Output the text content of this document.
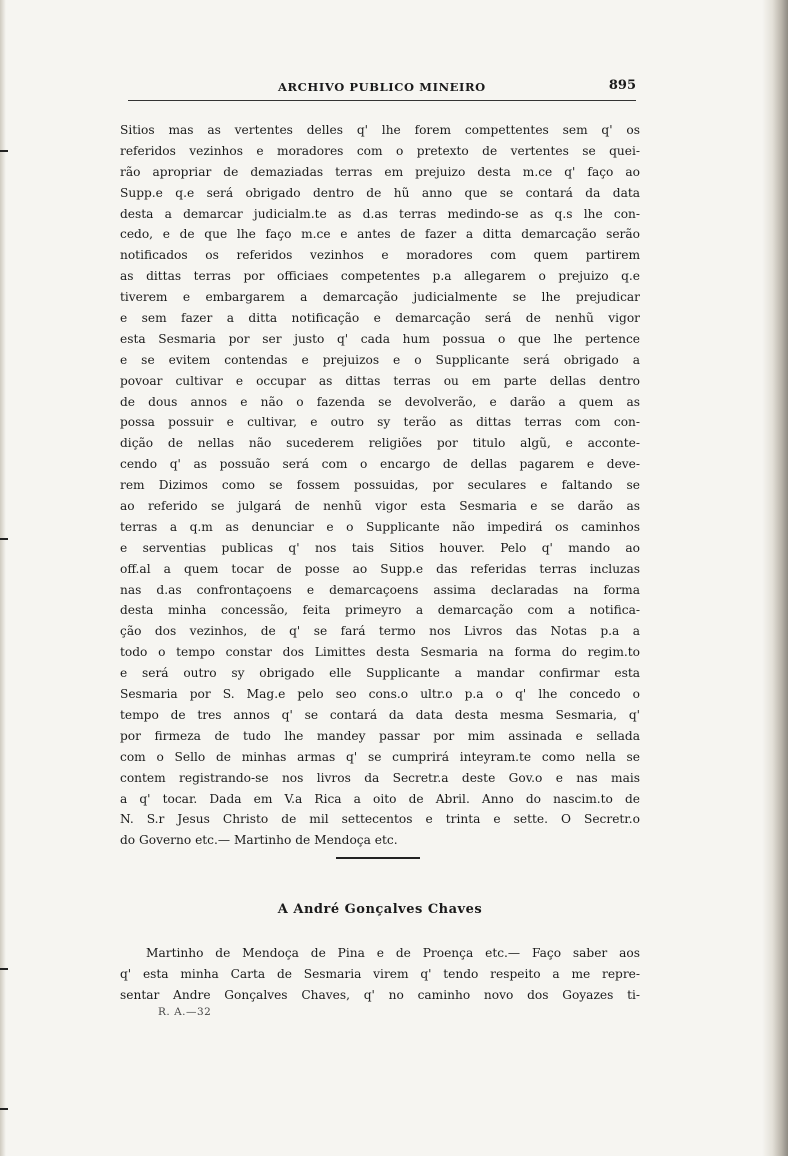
ARCHIVO PUBLICO MINEIRO	895
Sitios mas as vertentes delles q' lhe forem compettentes sem q' os
referidos vezinhos e moradores com o pretexto de vertentes se quei-
rão apropriar de demaziadas terras em prejuizo desta m.ce q' faço ao
Supp.e q.e será obrigado dentro de hũ anno que se contará da data
desta a demarcar judicialm.te as d.as terras medindo-se as q.s lhe con-
cedo, e de que lhe faço m.ce e antes de fazer a ditta demarcação serão
notificados os referidos vezinhos e moradores com quem partirem
as dittas terras por officiaes competentes p.a allegarem o prejuizo q.e
tiverem e embargarem a demarcação judicialmente se lhe prejudicar
e sem fazer a ditta notificação e demarcação será de nenhũ vigor
esta Sesmaria por ser justo q' cada hum possua o que lhe pertence
e se evitem contendas e prejuizos e o Supplicante será obrigado a
povoar cultivar e occupar as dittas terras ou em parte dellas dentro
de dous annos e não o fazenda se devolverão, e darão a quem as
possa possuir e cultivar, e outro sy terão as dittas terras com con-
dição de nellas não sucederem religiões por titulo algũ, e acconte-
cendo q' as possuão será com o encargo de dellas pagarem e deve-
rem Dizimos como se fossem possuidas, por seculares e faltando se
ao referido se julgará de nenhũ vigor esta Sesmaria e se darão as
terras a q.m as denunciar e o Supplicante não impedirá os caminhos
e serventias publicas q' nos tais Sitios houver. Pelo q' mando ao
off.al a quem tocar de posse ao Supp.e das referidas terras incluzas
nas d.as confrontaçoens e demarcaçoens assima declaradas na forma
desta minha concessão, feita primeyro a demarcação com a notifica-
ção dos vezinhos, de q' se fará termo nos Livros das Notas p.a a
todo o tempo constar dos Limittes desta Sesmaria na forma do regim.to
e será outro sy obrigado elle Supplicante a mandar confirmar esta
Sesmaria por S. Mag.e pelo seo cons.o ultr.o p.a o q' lhe concedo o
tempo de tres annos q' se contará da data desta mesma Sesmaria, q'
por firmeza de tudo lhe mandey passar por mim assinada e sellada
com o Sello de minhas armas q' se cumprirá inteyram.te como nella se
contem registrando-se nos livros da Secretr.a deste Gov.o e nas mais
a q' tocar. Dada em V.a Rica a oito de Abril. Anno do nascim.to de
N. S.r Jesus Christo de mil settecentos e trinta e sette. O Secretr.o
do Governo etc.— Martinho de Mendoça etc.
A André Gonçalves Chaves
Martinho de Mendoça de Pina e de Proença etc.— Faço saber aos
q' esta minha Carta de Sesmaria virem q' tendo respeito a me repre-
sentar Andre Gonçalves Chaves, q' no caminho novo dos Goyazes ti-
R. A.—32
